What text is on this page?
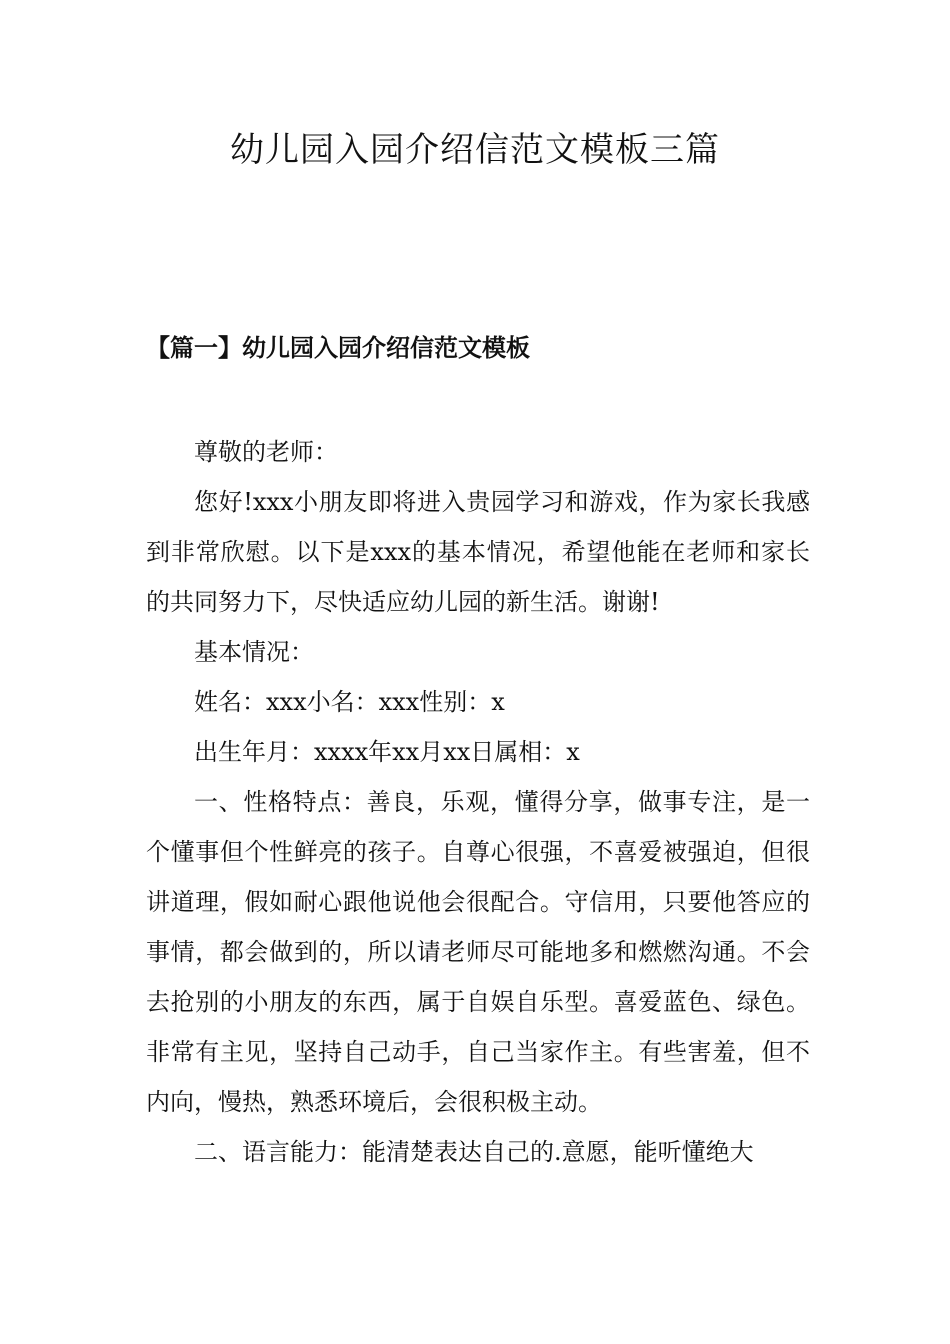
幼儿园入园介绍信范文模板三篇
【篇一】幼儿园入园介绍信范文模板

尊敬的老师：

您好!xxx小朋友即将进入贵园学习和游戏，作为家长我感到非常欣慰。以下是xxx的基本情况，希望他能在老师和家长的共同努力下，尽快适应幼儿园的新生活。谢谢!

基本情况：

姓名：xxx小名：xxx性别：x

出生年月：xxxx年xx月xx日属相：x

一、性格特点：善良，乐观，懂得分享，做事专注，是一个懂事但个性鲜亮的孩子。自尊心很强，不喜爱被强迫，但很讲道理，假如耐心跟他说他会很配合。守信用，只要他答应的事情，都会做到的，所以请老师尽可能地多和燃燃沟通。不会去抢别的小朋友的东西，属于自娱自乐型。喜爱蓝色、绿色。非常有主见，坚持自己动手，自己当家作主。有些害羞，但不内向，慢热，熟悉环境后，会很积极主动。

二、语言能力：能清楚表达自己的.意愿，能听懂绝大
